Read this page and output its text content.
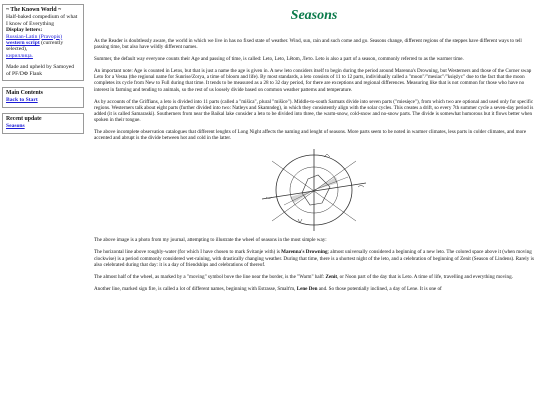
~ The Known World ~
Half-baked compedium of what I know of Everything
Display letters:
Russian-Latin (Pravopis)
western script (currently selected),
кириллица.
Made and upheld by Samoyed of PF/DΦ Flank
Main Contents
Back to Start
Recent update
Seasons
Seasons

As the Reader is doubtlessly aware, the world in which we live in has no fixed state of weather. Wind, sun, rain and such come and go. Seasons change, different regions of the steppes have different ways to tell passing time, but also have wildly different names.

Summer, the default way everyone counts their Age and passing of time, is called: Leto, Leto, Lětom, Лето. Leto is also a part of a season, commonly referred to as the warmer time.

An important note: Age is counted in Letos, but that is just a name the age is given in. A new leto considers itself to begin during the period around Marenna's Drowning, but Westerners and those of the Corner swap Leto for a Vesna (the regional name for Sunrise/Zorya, a time of bloom and life). By most standards, a leto consists of 11 to 12 parts, individually called a "moon"/"mesiac"/"księżyc" due to the fact that the moon completes its cycle from New to Full during that time. It tends to be measured as a 28 to 32 day period, for there are exceptions and regional differences. Measuring like that is not common for those who have no interest in farming and tending to animals, so the rest of us loosely divide based on common weather patterns and temperature.

As by accounts of the Griffians, a leto is divided into 11 parts (called a "mišica", plural "mišice"). Middle-to-south Sarmats divide into seven parts ("miesięce"), from which two are optional and used only for specific regions. Westerners talk about eight parts (further divided into two: Natleys and Skamndeg), in which they consistently align with the solar cycles. This creates a drift, so every 7th summer cycle a seven-day period is added (it is called Samaraski). Southerners from near the Baikal lake consider a leto to be divided into three, the warm-snow, cold-snow and no-snow parts. The divide is somewhat humorous but it flows better when spoken in their tongue.

The above incomplete observation catalogues that different lenghts of Long Night affects the naming and lenght of seasons. More parts seem to be noted in warmer climates, less parts in colder climates, and more accented and abrupt is the divide between hot and cold in the latter.

The above image is a photo from my journal, attempting to illustrate the wheel of seasons in the most simple way:

The horizontal line above roughly-water (for which I have chosen to mark Svitanje with) is Marenna's Drowning; almost universally considered a beginning of a new leto. The colored space above it (when moving clockwise) is a period commonly considered wet-raining, with drastically changing weather. During that time, there is a shortest night of the leto, and a celebration of beginning of Zenit (Season of Lindens). Rarely is also celebrated during that day: it is a day of friendships and celebrations of thereof.

The almost half of the wheel, as marked by a "moving" symbol bove the line near the border, is the "Warm" half: Zenit, or Noon part of the day that is Leto. A time of life, travelling and everything moving.

Another line, marked sign fire, is called a lot of different names, beginning with Estrasse, Smalt'm, Lene Den and. So those potentially inclined, a day of Lene. It is one of
